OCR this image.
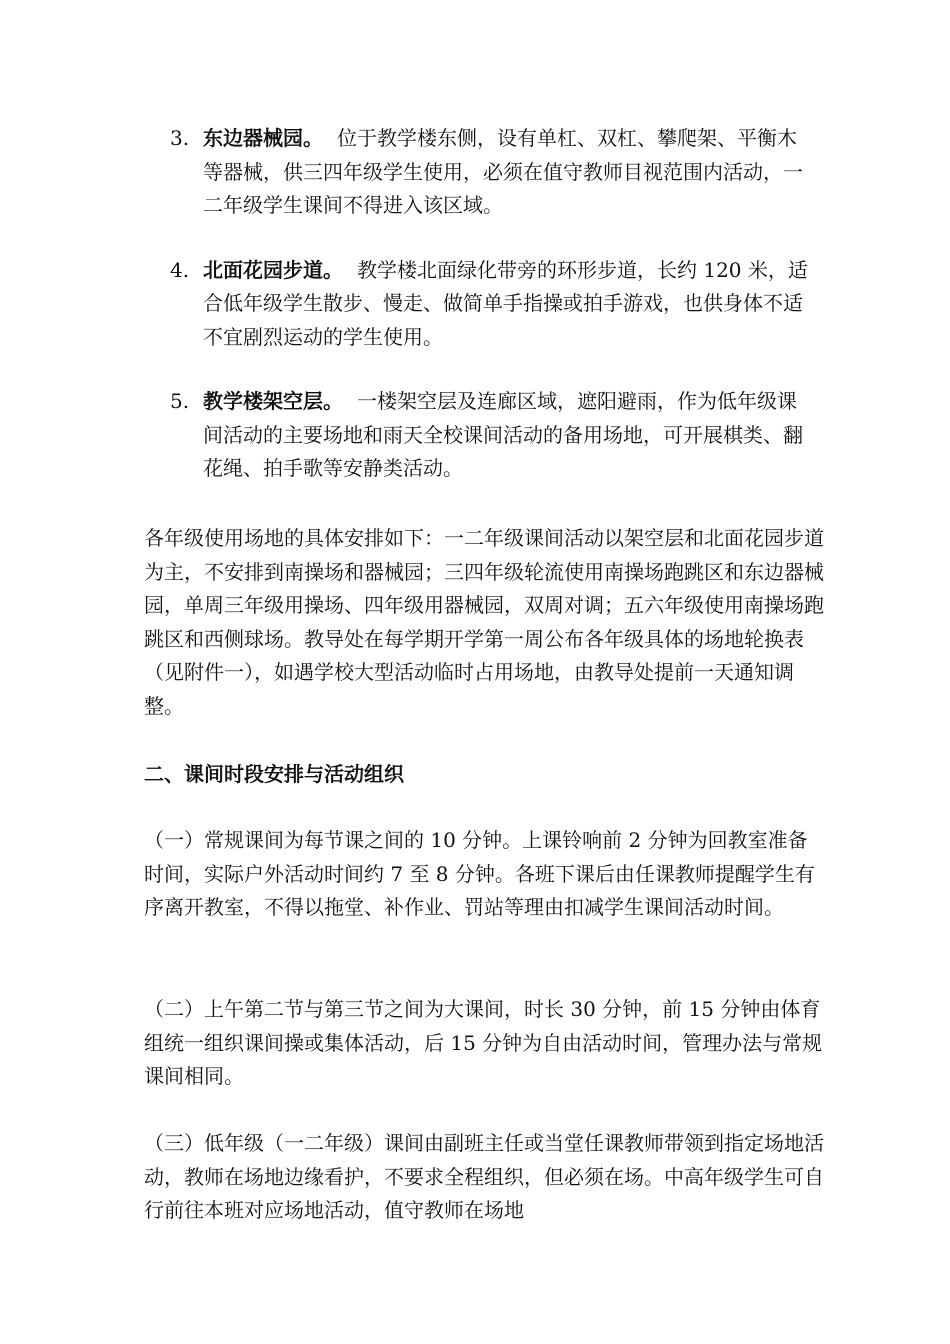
3. 东边器械园。 位于教学楼东侧，设有单杠、双杠、攀爬架、平衡木等器械，供三四年级学生使用，必须在值守教师目视范围内活动，一二年级学生课间不得进入该区域。
4. 北面花园步道。 教学楼北面绿化带旁的环形步道，长约 120 米，适合低年级学生散步、慢走、做简单手指操或拍手游戏，也供身体不适不宜剧烈运动的学生使用。
5. 教学楼架空层。 一楼架空层及连廊区域，遮阳避雨，作为低年级课间活动的主要场地和雨天全校课间活动的备用场地，可开展棋类、翻花绳、拍手歌等安静类活动。
各年级使用场地的具体安排如下：一二年级课间活动以架空层和北面花园步道为主，不安排到南操场和器械园；三四年级轮流使用南操场跑跳区和东边器械园，单周三年级用操场、四年级用器械园，双周对调；五六年级使用南操场跑跳区和西侧球场。教导处在每学期开学第一周公布各年级具体的场地轮换表（见附件一），如遇学校大型活动临时占用场地，由教导处提前一天通知调整。
二、课间时段安排与活动组织
（一）常规课间为每节课之间的 10 分钟。上课铃响前 2 分钟为回教室准备时间，实际户外活动时间约 7 至 8 分钟。各班下课后由任课教师提醒学生有序离开教室，不得以拖堂、补作业、罚站等理由扣减学生课间活动时间。
（二）上午第二节与第三节之间为大课间，时长 30 分钟，前 15 分钟由体育组统一组织课间操或集体活动，后 15 分钟为自由活动时间，管理办法与常规课间相同。
（三）低年级（一二年级）课间由副班主任或当堂任课教师带领到指定场地活动，教师在场地边缘看护，不要求全程组织，但必须在场。中高年级学生可自行前往本班对应场地活动，值守教师在场地
